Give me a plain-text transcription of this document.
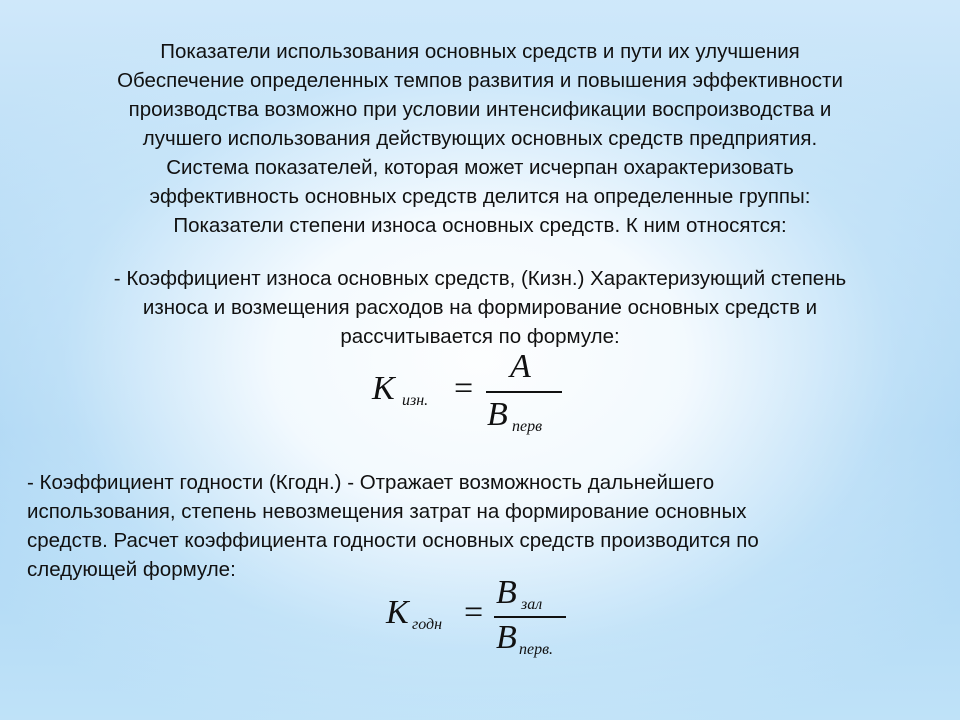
Показатели использования основных средств и пути их улучшения
Обеспечение определенных темпов развития и повышения эффективности
производства возможно при условии интенсификации воспроизводства и
лучшего использования действующих основных средств предприятия.
Система показателей, которая может исчерпан охарактеризовать
эффективность основных средств делится на определенные группы:
Показатели степени износа основных средств. К ним относятся:
- Коэффициент износа основных средств, (Кизн.) Характеризующий степень
износа и возмещения расходов на формирование основных средств и
рассчитывается по формуле:
К изн. =
А
В перв
- Коэффициент годности (Кгодн.) - Отражает возможность дальнейшего
использования, степень невозмещения затрат на формирование основных
средств. Расчет коэффициента годности основных средств производится по
следующей формуле:
К годн =
В зал
В перв.
